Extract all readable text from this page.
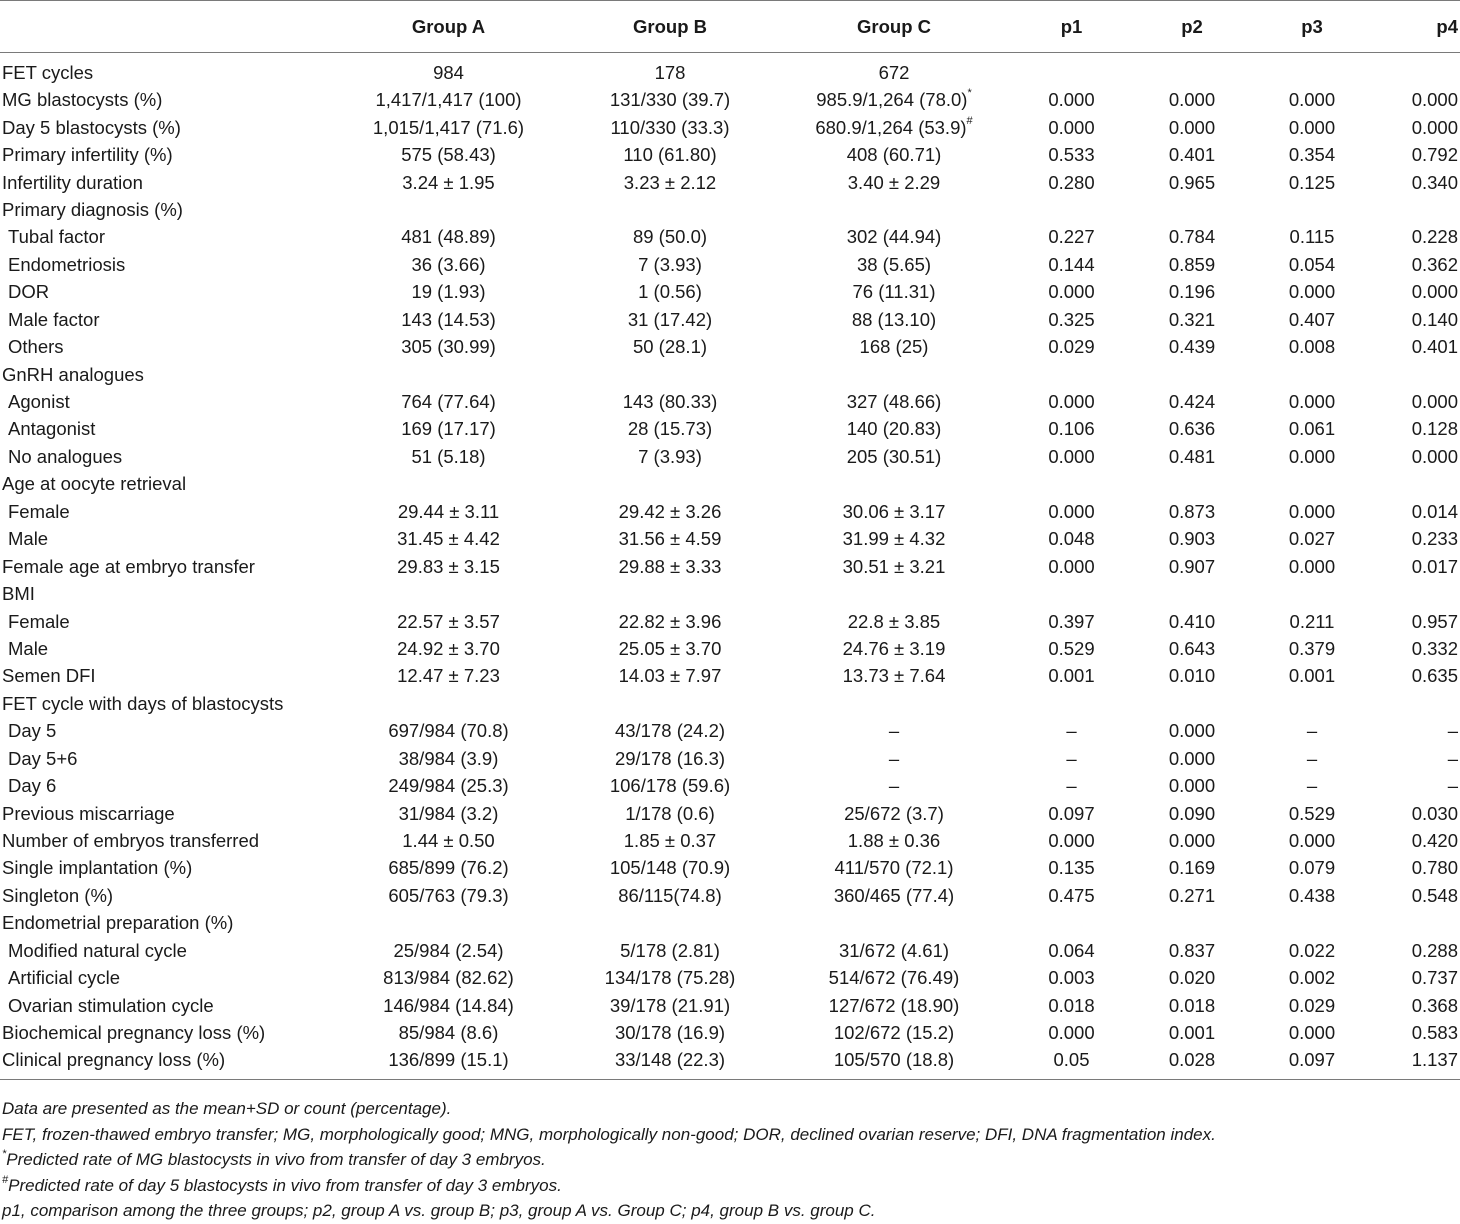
	Group A	Group B	Group C	p1	p2	p3	p4
FET cycles	984	178	672				
MG blastocysts (%)	1,417/1,417 (100)	131/330 (39.7)	985.9/1,264 (78.0)*	0.000	0.000	0.000	0.000
Day 5 blastocysts (%)	1,015/1,417 (71.6)	110/330 (33.3)	680.9/1,264 (53.9)#	0.000	0.000	0.000	0.000
Primary infertility (%)	575 (58.43)	110 (61.80)	408 (60.71)	0.533	0.401	0.354	0.792
Infertility duration	3.24 ± 1.95	3.23 ± 2.12	3.40 ± 2.29	0.280	0.965	0.125	0.340
Primary diagnosis (%)							
Tubal factor	481 (48.89)	89 (50.0)	302 (44.94)	0.227	0.784	0.115	0.228
Endometriosis	36 (3.66)	7 (3.93)	38 (5.65)	0.144	0.859	0.054	0.362
DOR	19 (1.93)	1 (0.56)	76 (11.31)	0.000	0.196	0.000	0.000
Male factor	143 (14.53)	31 (17.42)	88 (13.10)	0.325	0.321	0.407	0.140
Others	305 (30.99)	50 (28.1)	168 (25)	0.029	0.439	0.008	0.401
GnRH analogues							
Agonist	764 (77.64)	143 (80.33)	327 (48.66)	0.000	0.424	0.000	0.000
Antagonist	169 (17.17)	28 (15.73)	140 (20.83)	0.106	0.636	0.061	0.128
No analogues	51 (5.18)	7 (3.93)	205 (30.51)	0.000	0.481	0.000	0.000
Age at oocyte retrieval							
Female	29.44 ± 3.11	29.42 ± 3.26	30.06 ± 3.17	0.000	0.873	0.000	0.014
Male	31.45 ± 4.42	31.56 ± 4.59	31.99 ± 4.32	0.048	0.903	0.027	0.233
Female age at embryo transfer	29.83 ± 3.15	29.88 ± 3.33	30.51 ± 3.21	0.000	0.907	0.000	0.017
BMI							
Female	22.57 ± 3.57	22.82 ± 3.96	22.8 ± 3.85	0.397	0.410	0.211	0.957
Male	24.92 ± 3.70	25.05 ± 3.70	24.76 ± 3.19	0.529	0.643	0.379	0.332
Semen DFI	12.47 ± 7.23	14.03 ± 7.97	13.73 ± 7.64	0.001	0.010	0.001	0.635
FET cycle with days of blastocysts							
Day 5	697/984 (70.8)	43/178 (24.2)	–	–	0.000	–	–
Day 5+6	38/984 (3.9)	29/178 (16.3)	–	–	0.000	–	–
Day 6	249/984 (25.3)	106/178 (59.6)	–	–	0.000	–	–
Previous miscarriage	31/984 (3.2)	1/178 (0.6)	25/672 (3.7)	0.097	0.090	0.529	0.030
Number of embryos transferred	1.44 ± 0.50	1.85 ± 0.37	1.88 ± 0.36	0.000	0.000	0.000	0.420
Single implantation (%)	685/899 (76.2)	105/148 (70.9)	411/570 (72.1)	0.135	0.169	0.079	0.780
Singleton (%)	605/763 (79.3)	86/115(74.8)	360/465 (77.4)	0.475	0.271	0.438	0.548
Endometrial preparation (%)							
Modified natural cycle	25/984 (2.54)	5/178 (2.81)	31/672 (4.61)	0.064	0.837	0.022	0.288
Artificial cycle	813/984 (82.62)	134/178 (75.28)	514/672 (76.49)	0.003	0.020	0.002	0.737
Ovarian stimulation cycle	146/984 (14.84)	39/178 (21.91)	127/672 (18.90)	0.018	0.018	0.029	0.368
Biochemical pregnancy loss (%)	85/984 (8.6)	30/178 (16.9)	102/672 (15.2)	0.000	0.001	0.000	0.583
Clinical pregnancy loss (%)	136/899 (15.1)	33/148 (22.3)	105/570 (18.8)	0.05	0.028	0.097	1.137
Data are presented as the mean+SD or count (percentage).
FET, frozen-thawed embryo transfer; MG, morphologically good; MNG, morphologically non-good; DOR, declined ovarian reserve; DFI, DNA fragmentation index.
*Predicted rate of MG blastocysts in vivo from transfer of day 3 embryos.
#Predicted rate of day 5 blastocysts in vivo from transfer of day 3 embryos.
p1, comparison among the three groups; p2, group A vs. group B; p3, group A vs. Group C; p4, group B vs. group C.
